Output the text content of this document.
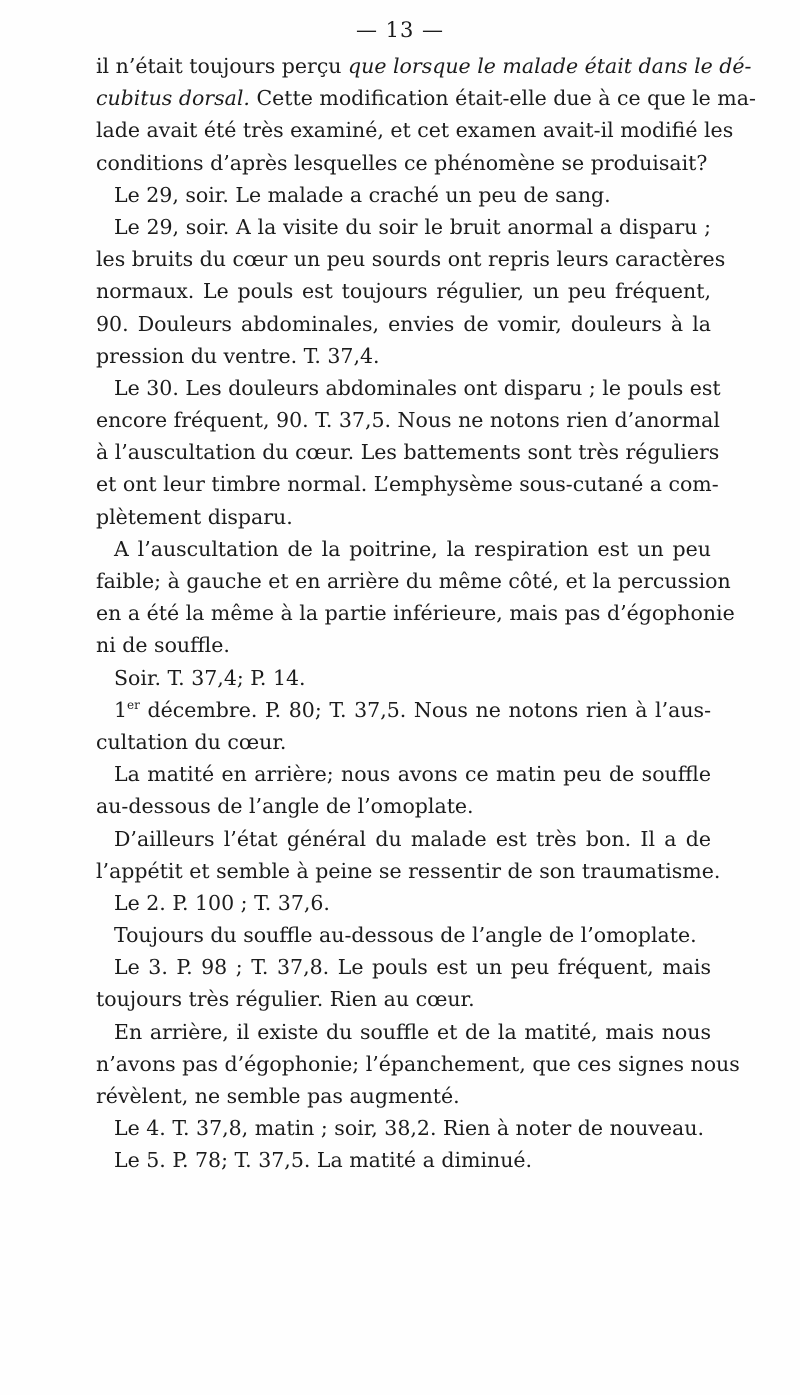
— 13 —
il n’était toujours perçu que lorsque le malade était dans le dé-
cubitus dorsal. Cette modification était-elle due à ce que le ma-
lade avait été très examiné, et cet examen avait-il modifié les
conditions d’après lesquelles ce phénomène se produisait?
Le 29, soir. Le malade a craché un peu de sang.
Le 29, soir. A la visite du soir le bruit anormal a disparu ;
les bruits du cœur un peu sourds ont repris leurs caractères
normaux. Le pouls est toujours régulier, un peu fréquent,
90. Douleurs abdominales, envies de vomir, douleurs à la
pression du ventre. T. 37,4.
Le 30. Les douleurs abdominales ont disparu ; le pouls est
encore fréquent, 90. T. 37,5. Nous ne notons rien d’anormal
à l’auscultation du cœur. Les battements sont très réguliers
et ont leur timbre normal. L’emphysème sous-cutané a com-
plètement disparu.
A l’auscultation de la poitrine, la respiration est un peu
faible; à gauche et en arrière du même côté, et la percussion
en a été la même à la partie inférieure, mais pas d’égophonie
ni de souffle.
Soir. T. 37,4; P. 14.
1er décembre. P. 80; T. 37,5. Nous ne notons rien à l’aus-
cultation du cœur.
La matité en arrière; nous avons ce matin peu de souffle
au-dessous de l’angle de l’omoplate.
D’ailleurs l’état général du malade est très bon. Il a de
l’appétit et semble à peine se ressentir de son traumatisme.
Le 2. P. 100 ; T. 37,6.
Toujours du souffle au-dessous de l’angle de l’omoplate.
Le 3. P. 98 ; T. 37,8. Le pouls est un peu fréquent, mais
toujours très régulier. Rien au cœur.
En arrière, il existe du souffle et de la matité, mais nous
n’avons pas d’égophonie; l’épanchement, que ces signes nous
révèlent, ne semble pas augmenté.
Le 4. T. 37,8, matin ; soir, 38,2. Rien à noter de nouveau.
Le 5. P. 78; T. 37,5. La matité a diminué.
